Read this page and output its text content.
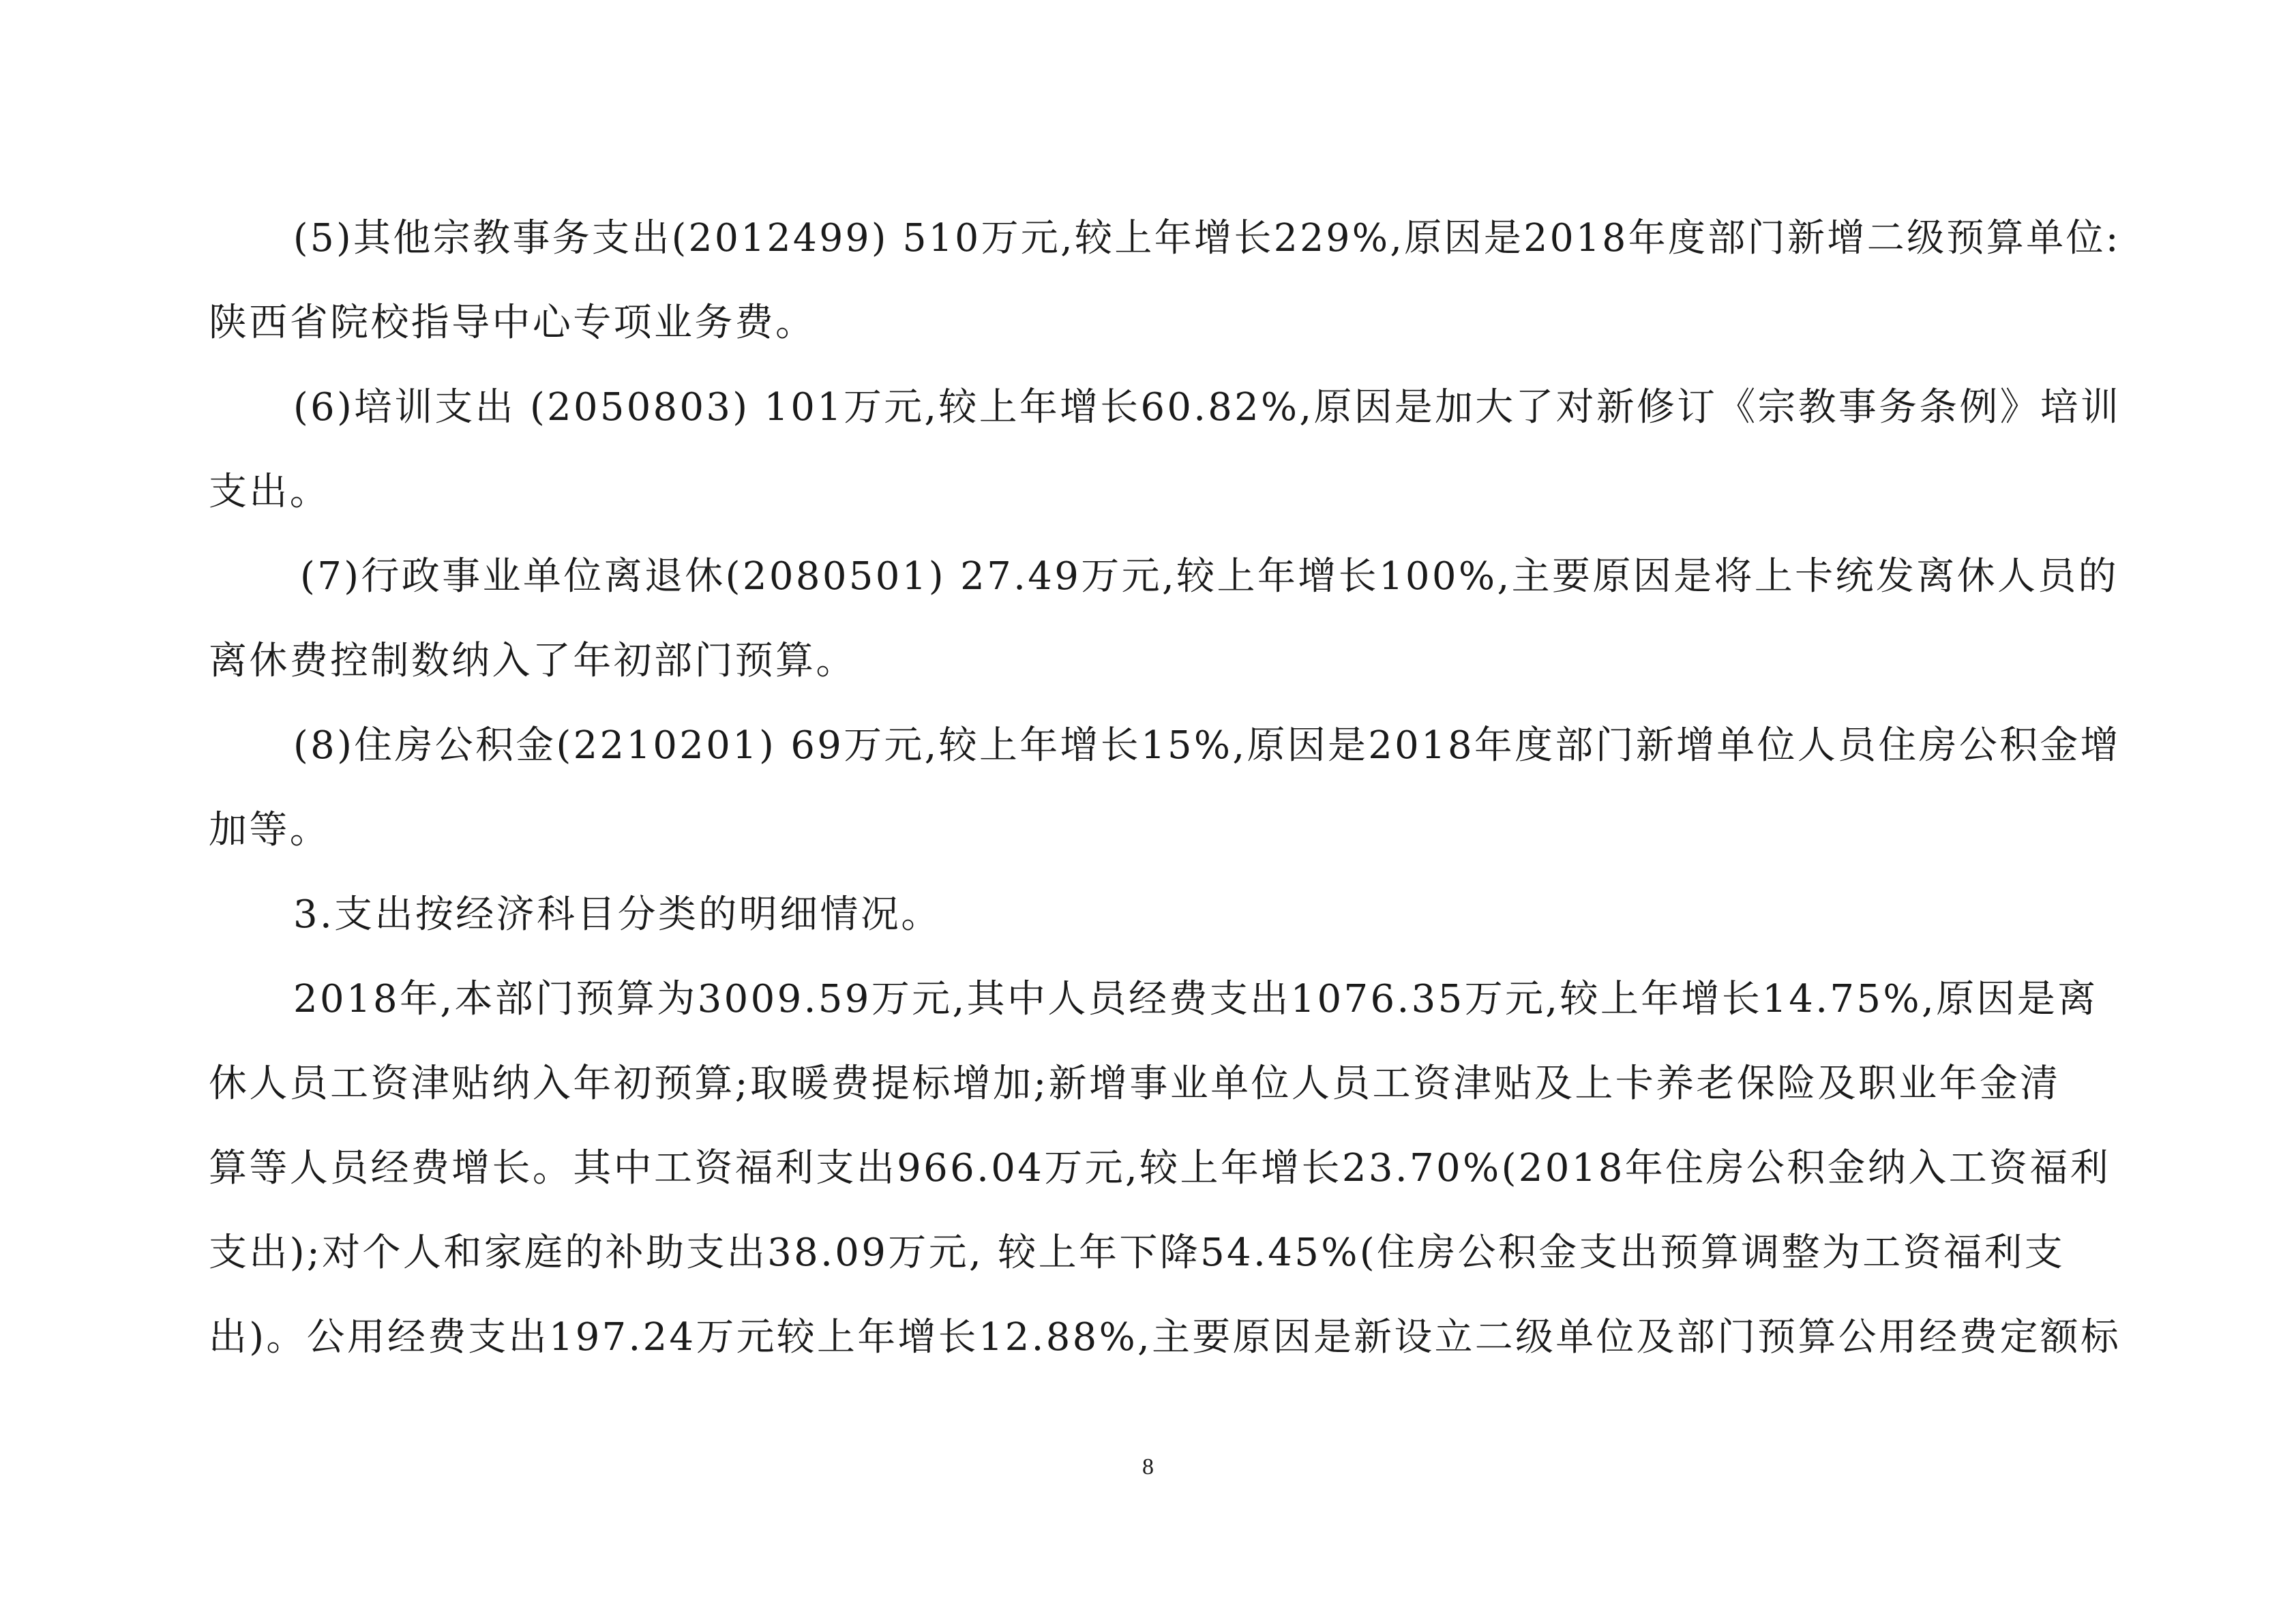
(5)其他宗教事务支出(2012499) 510万元,较上年增长229%,原因是2018年度部门新增二级预算单位:

陕西省院校指导中心专项业务费。

(6)培训支出 (2050803) 101万元,较上年增长60.82%,原因是加大了对新修订《宗教事务条例》培训

支出。

(7)行政事业单位离退休(2080501) 27.49万元,较上年增长100%,主要原因是将上卡统发离休人员的

离休费控制数纳入了年初部门预算。

(8)住房公积金(2210201) 69万元,较上年增长15%,原因是2018年度部门新增单位人员住房公积金增

加等。

3.支出按经济科目分类的明细情况。

2018年,本部门预算为3009.59万元,其中人员经费支出1076.35万元,较上年增长14.75%,原因是离

休人员工资津贴纳入年初预算;取暖费提标增加;新增事业单位人员工资津贴及上卡养老保险及职业年金清

算等人员经费增长。其中工资福利支出966.04万元,较上年增长23.70%(2018年住房公积金纳入工资福利

支出);对个人和家庭的补助支出38.09万元, 较上年下降54.45%(住房公积金支出预算调整为工资福利支

出)。公用经费支出197.24万元较上年增长12.88%,主要原因是新设立二级单位及部门预算公用经费定额标

8
